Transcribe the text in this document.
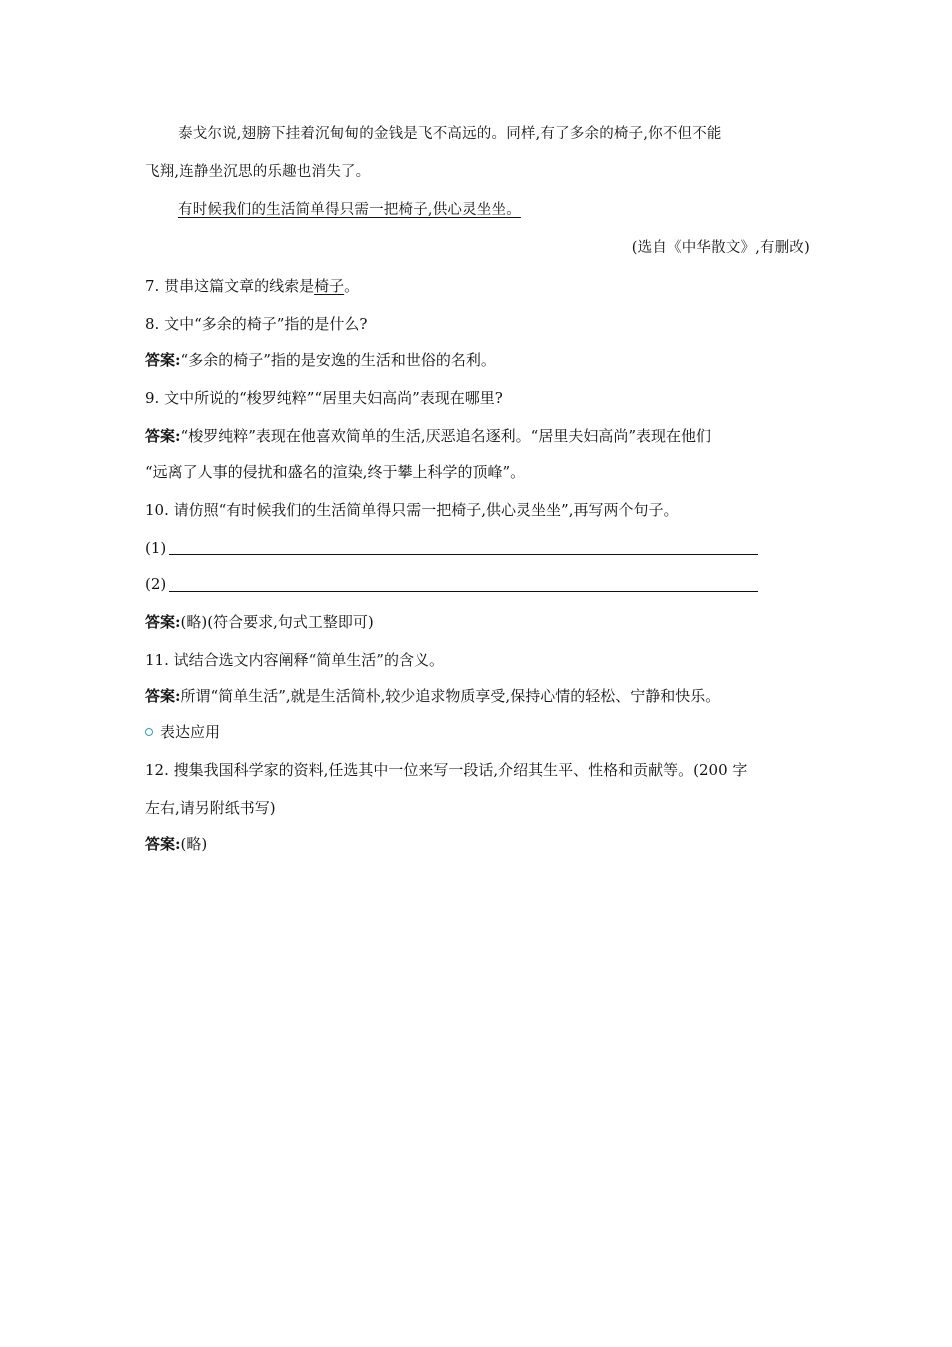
泰戈尔说,翅膀下挂着沉甸甸的金钱是飞不高远的。同样,有了多余的椅子,你不但不能
飞翔,连静坐沉思的乐趣也消失了。
有时候我们的生活简单得只需一把椅子,供心灵坐坐。
(选自《中华散文》,有删改)
7. 贯串这篇文章的线索是椅子。
8. 文中“多余的椅子”指的是什么?
答案:“多余的椅子”指的是安逸的生活和世俗的名利。
9. 文中所说的“梭罗纯粹”“居里夫妇高尚”表现在哪里?
答案:“梭罗纯粹”表现在他喜欢简单的生活,厌恶追名逐利。“居里夫妇高尚”表现在他们
“远离了人事的侵扰和盛名的渲染,终于攀上科学的顶峰”。
10. 请仿照“有时候我们的生活简单得只需一把椅子,供心灵坐坐”,再写两个句子。
(1)
(2)
答案:(略)(符合要求,句式工整即可)
11. 试结合选文内容阐释“简单生活”的含义。
答案:所谓“简单生活”,就是生活简朴,较少追求物质享受,保持心情的轻松、宁静和快乐。
表达应用
12. 搜集我国科学家的资料,任选其中一位来写一段话,介绍其生平、性格和贡献等。(200 字
左右,请另附纸书写)
答案:(略)
